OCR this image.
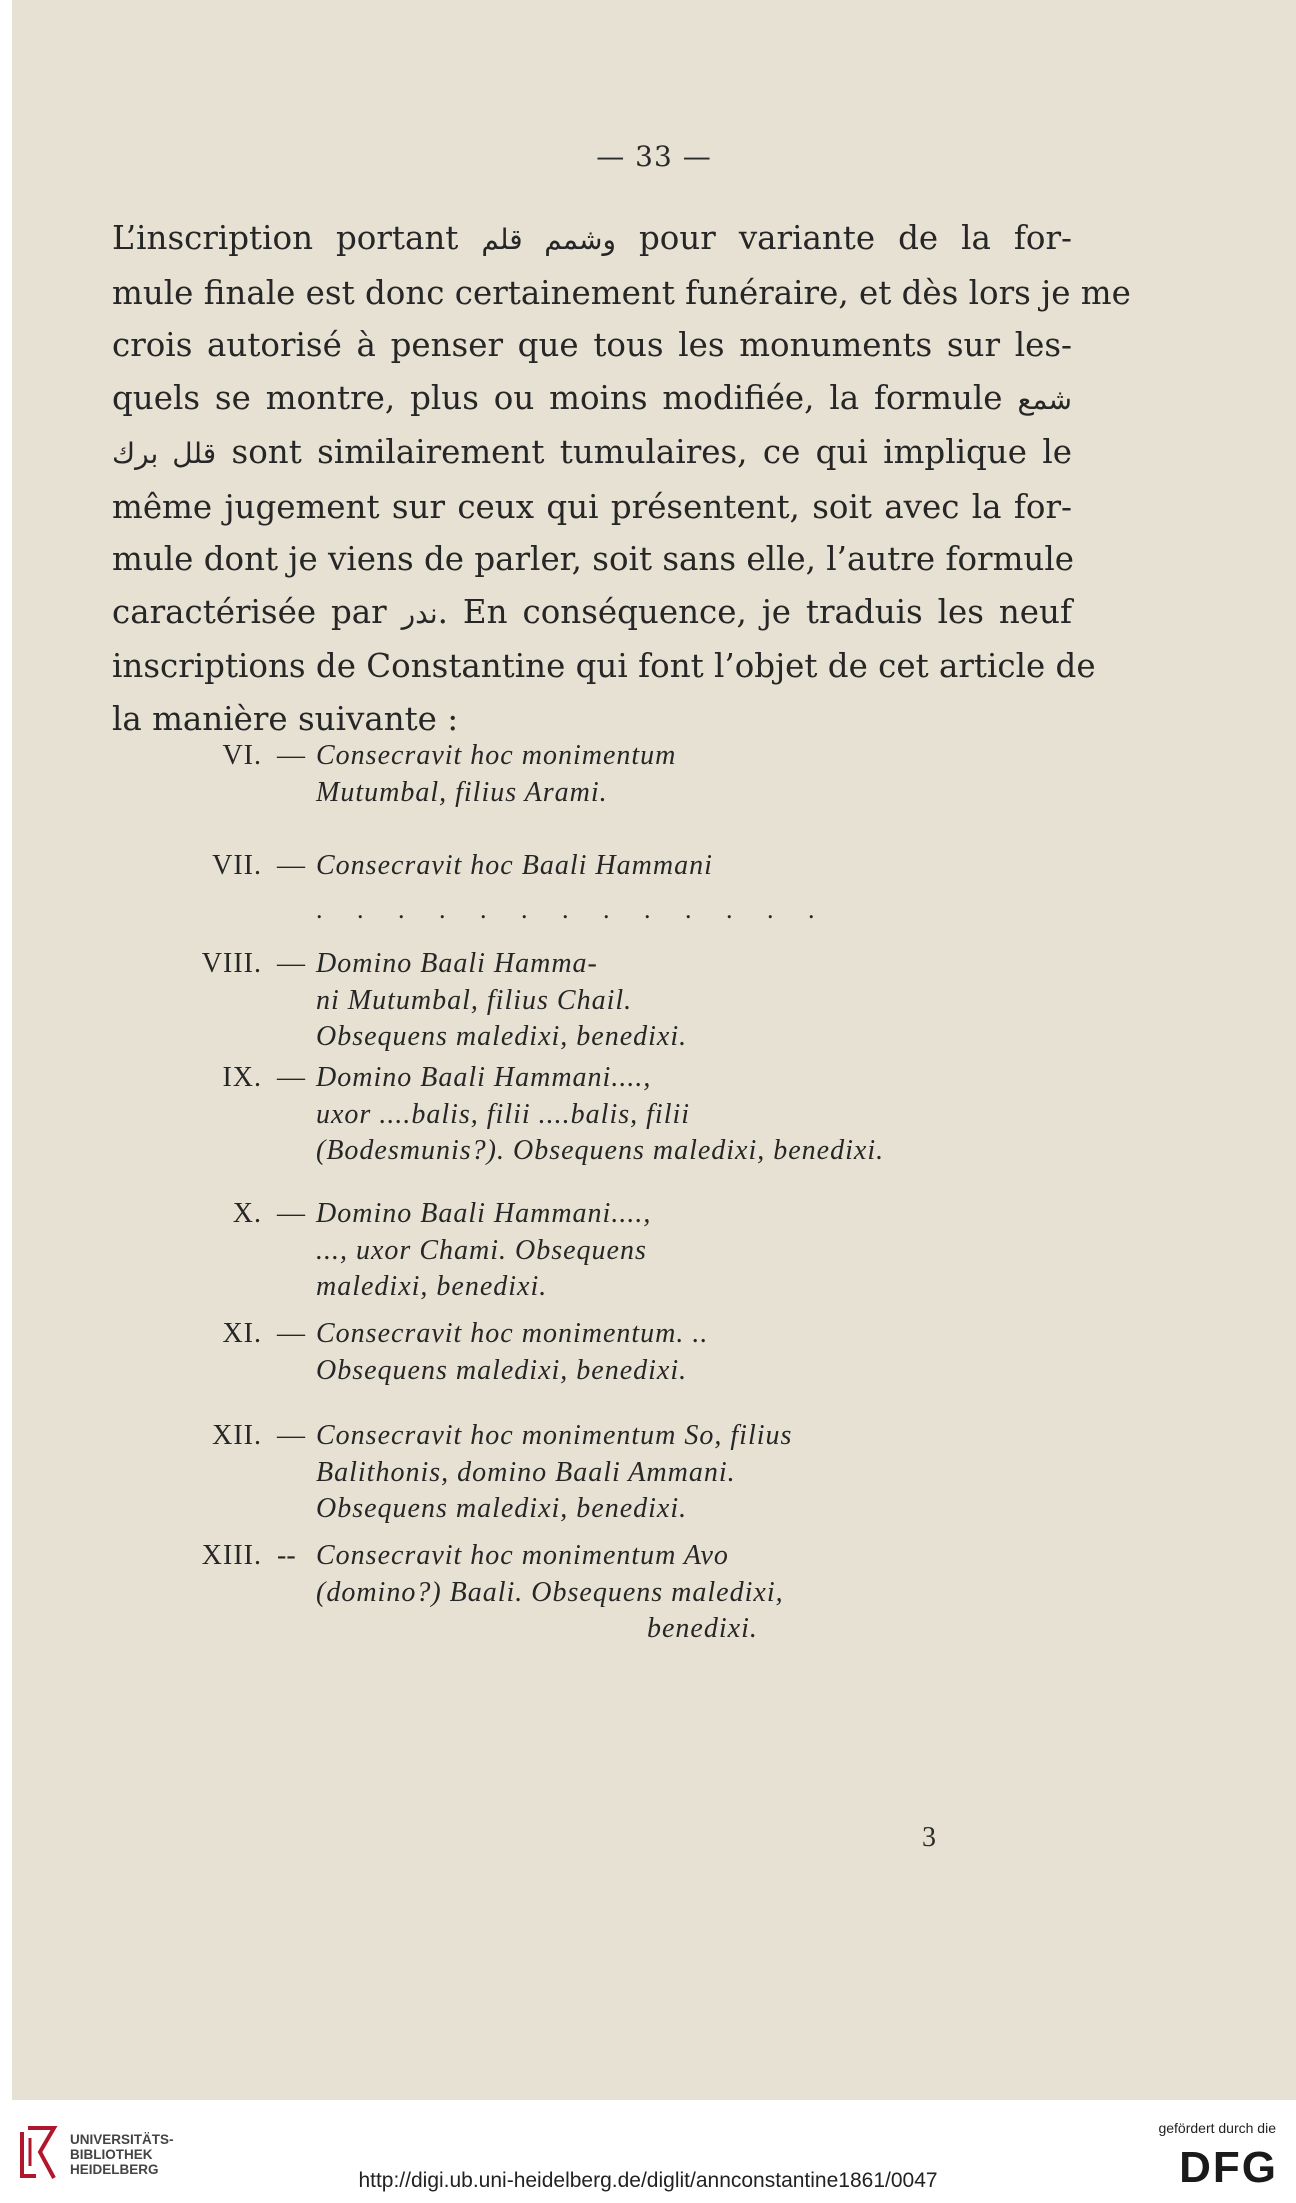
— 33 —
L’inscription portant وشمم قلم pour variante de la for-
mule finale est donc certainement funéraire, et dès lors je me
crois autorisé à penser que tous les monuments sur les-
quels se montre, plus ou moins modifiée, la formule شمع
قلل برك sont similairement tumulaires, ce qui implique le
même jugement sur ceux qui présentent, soit avec la for-
mule dont je viens de parler, soit sans elle, l’autre formule
caractérisée par ندر. En conséquence, je traduis les neuf
inscriptions de Constantine qui font l’objet de cet article de
la manière suivante :
VI. — Consecravit hoc monimentum
Mutumbal, filius Arami.
VII. — Consecravit hoc Baali Hammani
. . . . . . . . . . . . .
VIII. — Domino Baali Hamma-
ni Mutumbal, filius Chail.
Obsequens maledixi, benedixi.
IX. — Domino Baali Hammani....,
uxor ....balis, filii ....balis, filii
(Bodesmunis?). Obsequens maledixi, benedixi.
X. — Domino Baali Hammani....,
..., uxor Chami. Obsequens
maledixi, benedixi.
XI. — Consecravit hoc monimentum. ..
Obsequens maledixi, benedixi.
XII. — Consecravit hoc monimentum So, filius
Balithonis, domino Baali Ammani.
Obsequens maledixi, benedixi.
XIII. -- Consecravit hoc monimentum Avo
(domino?) Baali. Obsequens maledixi,
benedixi.
3
UNIVERSITÄTS-
BIBLIOTHEK
HEIDELBERG	http://digi.ub.uni-heidelberg.de/diglit/annconstantine1861/0047
gefördert durch die
DFG
